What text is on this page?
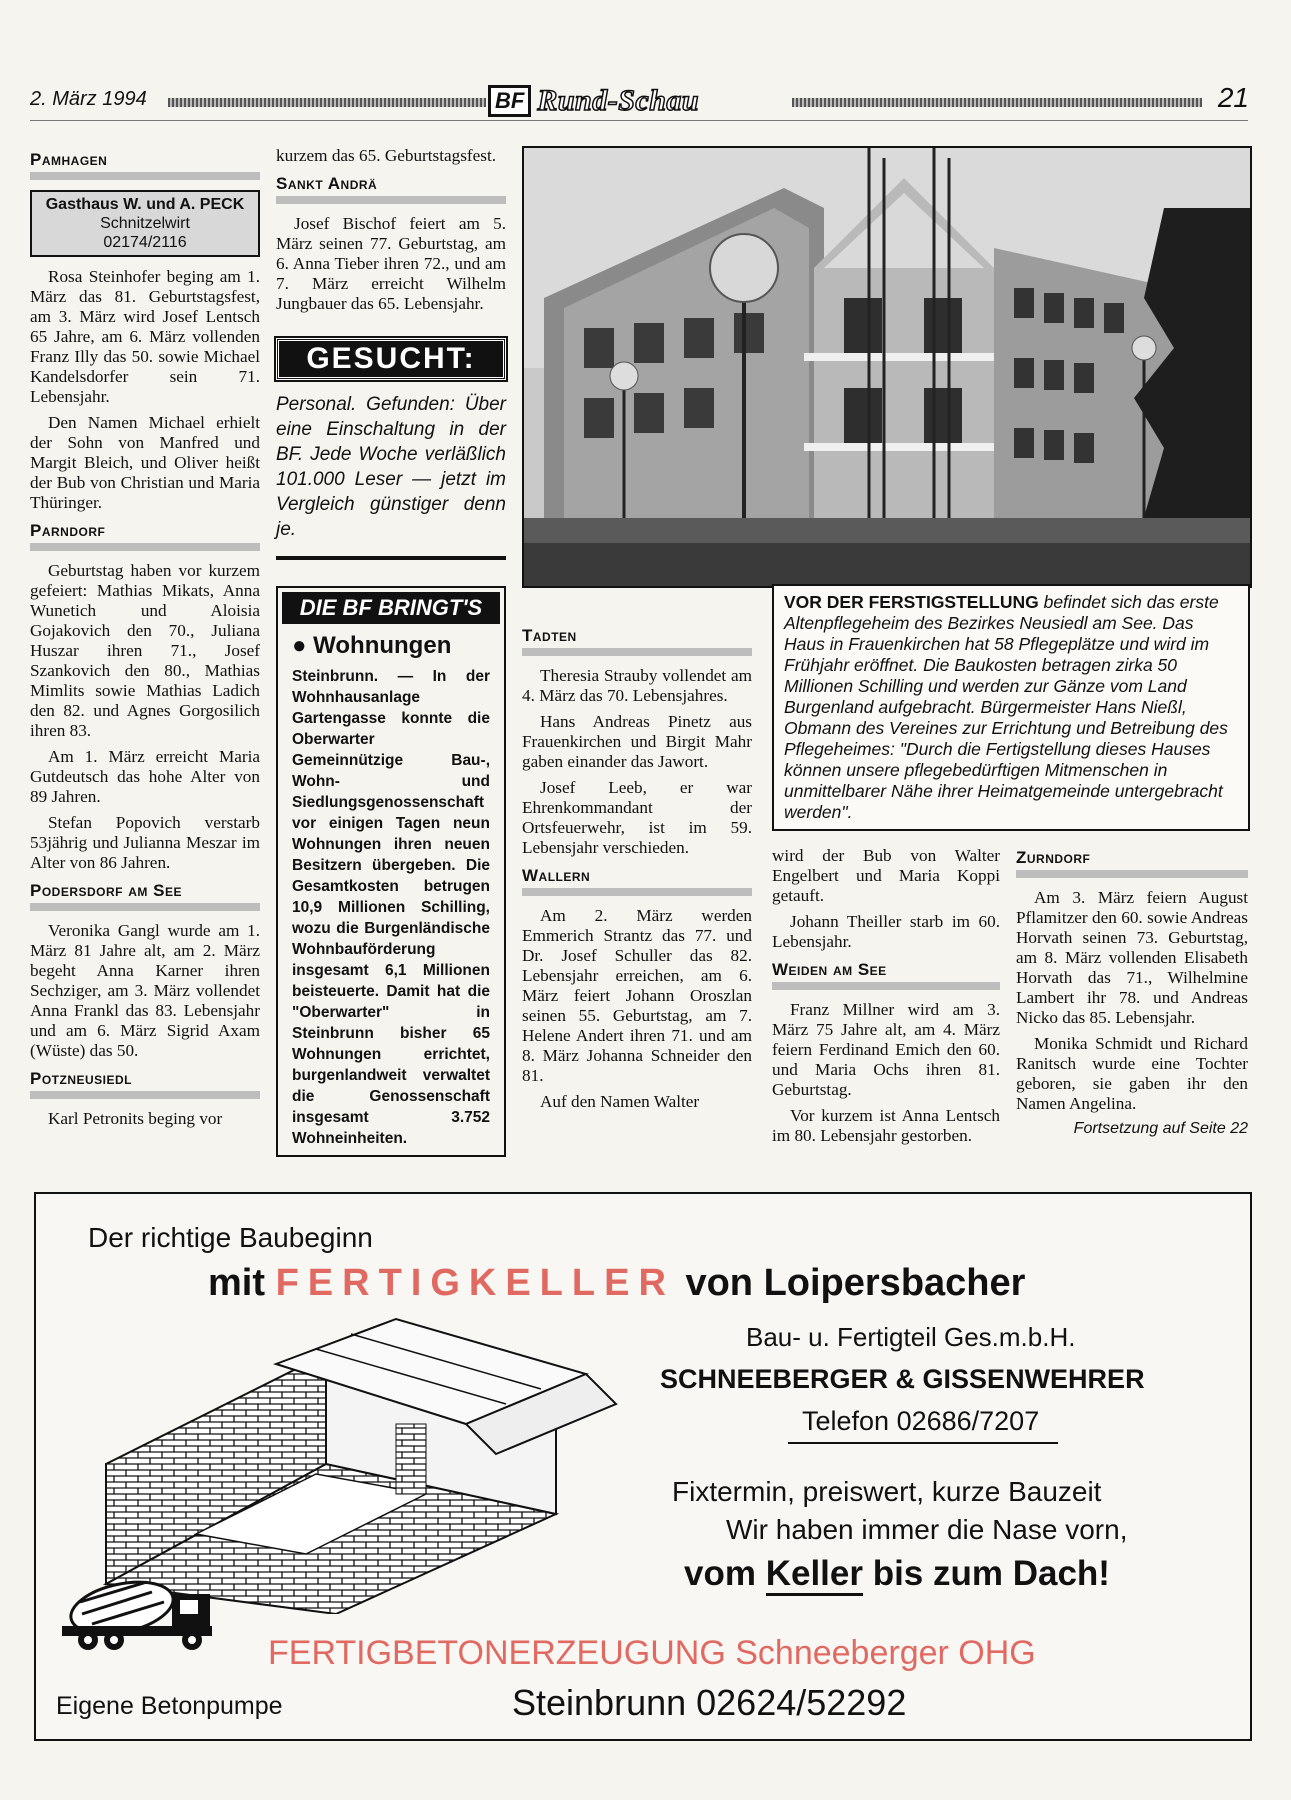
2. März 1994	BF Rund-Schau	21
Pamhagen
Gasthaus W. und A. PECK
Schnitzelwirt
02174/2116

Rosa Steinhofer beging am 1. März das 81. Geburtstagsfest, am 3. März wird Josef Lentsch 65 Jahre, am 6. März vollenden Franz Illy das 50. sowie Michael Kandelsdorfer sein 71. Lebensjahr.

Den Namen Michael erhielt der Sohn von Manfred und Margit Bleich, und Oliver heißt der Bub von Christian und Maria Thüringer.

Parndorf

Geburtstag haben vor kurzem gefeiert: Mathias Mikats, Anna Wunetich und Aloisia Gojakovich den 70., Juliana Huszar ihren 71., Josef Szankovich den 80., Mathias Mimlits sowie Mathias Ladich den 82. und Agnes Gorgosilich ihren 83.

Am 1. März erreicht Maria Gutdeutsch das hohe Alter von 89 Jahren.

Stefan Popovich verstarb 53jährig und Julianna Meszar im Alter von 86 Jahren.

Podersdorf am See

Veronika Gangl wurde am 1. März 81 Jahre alt, am 2. März begeht Anna Karner ihren Sechziger, am 3. März vollendet Anna Frankl das 83. Lebensjahr und am 6. März Sigrid Axam (Wüste) das 50.

Potzneusiedl

Karl Petronits beging vor

kurzem das 65. Geburtstagsfest.

Sankt Andrä

Josef Bischof feiert am 5. März seinen 77. Geburtstag, am 6. Anna Tieber ihren 72., und am 7. März erreicht Wilhelm Jungbauer das 65. Lebensjahr.

GESUCHT:
Personal. Gefunden: Über eine Einschaltung in der BF. Jede Woche verläßlich 101.000 Leser — jetzt im Vergleich günstiger denn je.
DIE BF BRINGT'S
● Wohnungen
Steinbrunn. — In der Wohnhausanlage Gartengasse konnte die Oberwarter Gemeinnützige Bau-, Wohn- und Siedlungsgenossenschaft vor einigen Tagen neun Wohnungen ihren neuen Besitzern übergeben. Die Gesamtkosten betrugen 10,9 Millionen Schilling, wozu die Burgenländische Wohnbauförderung insgesamt 6,1 Millionen beisteuerte. Damit hat die "Oberwarter" in Steinbrunn bisher 65 Wohnungen errichtet, burgenlandweit verwaltet die Genossenschaft insgesamt 3.752 Wohneinheiten.
VOR DER FERSTIGSTELLUNG befindet sich das erste Altenpflegeheim des Bezirkes Neusiedl am See. Das Haus in Frauenkirchen hat 58 Pflegeplätze und wird im Frühjahr eröffnet. Die Baukosten betragen zirka 50 Millionen Schilling und werden zur Gänze vom Land Burgenland aufgebracht. Bürgermeister Hans Nießl, Obmann des Vereines zur Errichtung und Betreibung des Pflegeheimes: "Durch die Fertigstellung dieses Hauses können unsere pflegebedürftigen Mitmenschen in unmittelbarer Nähe ihrer Heimatgemeinde untergebracht werden".
Tadten

Theresia Strauby vollendet am 4. März das 70. Lebensjahres.

Hans Andreas Pinetz aus Frauenkirchen und Birgit Mahr gaben einander das Jawort.

Josef Leeb, er war Ehrenkommandant der Ortsfeuerwehr, ist im 59. Lebensjahr verschieden.

Wallern

Am 2. März werden Emmerich Strantz das 77. und Dr. Josef Schuller das 82. Lebensjahr erreichen, am 6. März feiert Johann Oroszlan seinen 55. Geburtstag, am 7. Helene Andert ihren 71. und am 8. März Johanna Schneider den 81.

Auf den Namen Walter

wird der Bub von Walter Engelbert und Maria Koppi getauft.

Johann Theiller starb im 60. Lebensjahr.

Weiden am See

Franz Millner wird am 3. März 75 Jahre alt, am 4. März feiern Ferdinand Emich den 60. und Maria Ochs ihren 81. Geburtstag.

Vor kurzem ist Anna Lentsch im 80. Lebensjahr gestorben.

Zurndorf

Am 3. März feiern August Pflamitzer den 60. sowie Andreas Horvath seinen 73. Geburtstag, am 8. März vollenden Elisabeth Horvath das 71., Wilhelmine Lambert ihr 78. und Andreas Nicko das 85. Lebensjahr.

Monika Schmidt und Richard Ranitsch wurde eine Tochter geboren, sie gaben ihr den Namen Angelina.

Fortsetzung auf Seite 22
Der richtige Baubeginn
mit FERTIGKELLER von Loipersbacher
Bau- u. Fertigteil Ges.m.b.H.
SCHNEEBERGER & GISSENWEHRER
Telefon 02686/7207
Fixtermin, preiswert, kurze Bauzeit
Wir haben immer die Nase vorn,
vom Keller bis zum Dach!
FERTIGBETONERZEUGUNG Schneeberger OHG
Eigene Betonpumpe	Steinbrunn 02624/52292
